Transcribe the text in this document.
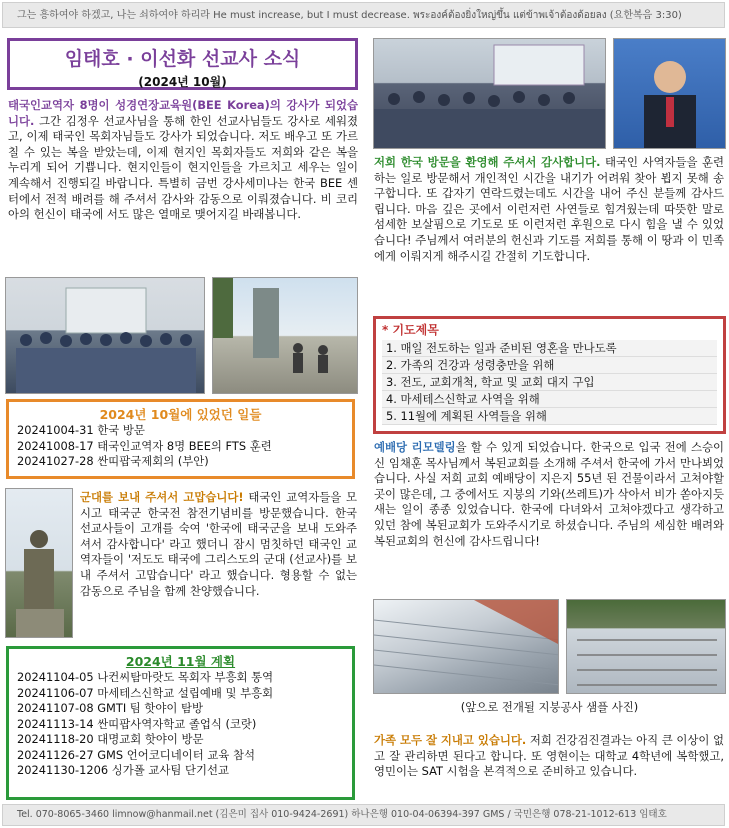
그는 흥하여야 하겠고, 나는 쇠하여야 하리라 He must increase, but I must decrease. พระองค์ต้องยิ่งใหญ่ขึ้น แต่ข้าพเจ้าต้องด้อยลง (요한복음 3:30)
임태호 · 이선화 선교사 소식
(2024년 10월)
태국인교역자 8명이 성경연장교육원(BEE Korea)의 강사가 되었습니다. 그간 김정우 선교사님을 통해 한인 선교사님들도 강사로 세워졌고, 이제 태국인 목회자님들도 강사가 되었습니다. 저도 배우고 또 가르칠 수 있는 복을 받았는데, 이제 현지인 목회자들도 저희와 같은 복을 누리게 되어 기쁩니다. 현지인들이 현지인들을 가르치고 세우는 일이 계속해서 진행되길 바랍니다. 특별히 금번 강사세미나는 한국 BEE 센터에서 전적 배려를 해 주셔서 감사와 감동으로 이뤄졌습니다. 비 코리아의 헌신이 태국에 서도 많은 열매로 맺어지길 바래봅니다.
2024년 10월에 있었던 일들
20241004-31 한국 방문
20241008-17 태국인교역자 8명 BEE의 FTS 훈련
20241027-28 싼띠팝국제회의 (부안)
군대를 보내 주셔서 고맙습니다! 태국인 교역자들을 모시고 태국군 한국전 참전기념비를 방문했습니다. 한국 선교사들이 고개를 숙여 '한국에 태국군을 보내 도와주셔서 감사합니다' 라고 했더니 잠시 멈칫하던 태국인 교역자들이 '저도도 태국에 그리스도의 군대 (선교사)를 보내 주셔서 고맙습니다' 라고 했습니다. 형용할 수 없는 감동으로 주님을 함께 찬양했습니다.
2024년 11월 계획
20241104-05 나컨씨탐마랏도 목회자 부흥회 통역
20241106-07 마세테스신학교 설립예배 및 부흥회
20241107-08 GMTI 팀 핫야이 탐방
20241113-14 싼띠팝사역자학교 졸업식 (코랏)
20241118-20 대명교회 핫야이 방문
20241126-27 GMS 언어코디네이터 교육 참석
20241130-1206 싱가폴 교사팀 단기선교
저희 한국 방문을 환영해 주셔서 감사합니다. 태국인 사역자들을 훈련하는 일로 방문해서 개인적인 시간을 내기가 어려워 찾아 뵙지 못해 송구합니다. 또 갑자기 연락드렸는데도 시간을 내어 주신 분들께 감사드립니다. 마음 깊은 곳에서 이런저런 사연들로 힘겨웠는데 따뜻한 말로 섬세한 보살핌으로 기도로 또 이런저런 후원으로 다시 힘을 낼 수 있었습니다! 주님께서 여러분의 헌신과 기도를 저희를 통해 이 땅과 이 민족에게 이뤄지게 해주시길 간절히 기도합니다.
* 기도제목
1. 매일 전도하는 일과 준비된 영혼을 만나도록
2. 가족의 건강과 성령충만을 위해
3. 전도, 교회개척, 학교 및 교회 대지 구입
4. 마세테스신학교 사역을 위해
5. 11월에 계획된 사역들을 위해
예배당 리모델링을 할 수 있게 되었습니다. 한국으로 입국 전에 스승이신 임채훈 목사님께서 복된교회를 소개해 주셔서 한국에 가서 만나뵈었습니다. 사실 저희 교회 예배당이 지은지 55년 된 건물이라서 고쳐야할 곳이 많은데, 그 중에서도 지붕의 기와(쓰레트)가 삭아서 비가 쏟아지듯 새는 일이 종종 있었습니다. 한국에 다녀와서 고쳐야겠다고 생각하고 있던 참에 복된교회가 도와주시기로 하셨습니다. 주님의 세심한 배려와 복된교회의 헌신에 감사드립니다!
(앞으로 전개될 지붕공사 샘플 사진)
가족 모두 잘 지내고 있습니다. 저희 건강검진결과는 아직 큰 이상이 없고 잘 관리하면 된다고 합니다. 또 영현이는 대학교 4학년에 복학했고, 영민이는 SAT 시험을 본격적으로 준비하고 있습니다.
Tel. 070-8065-3460 limnow@hanmail.net (김은미 집사 010-9424-2691) 하나은행 010-04-06394-397 GMS / 국민은행 078-21-1012-613 임태호
